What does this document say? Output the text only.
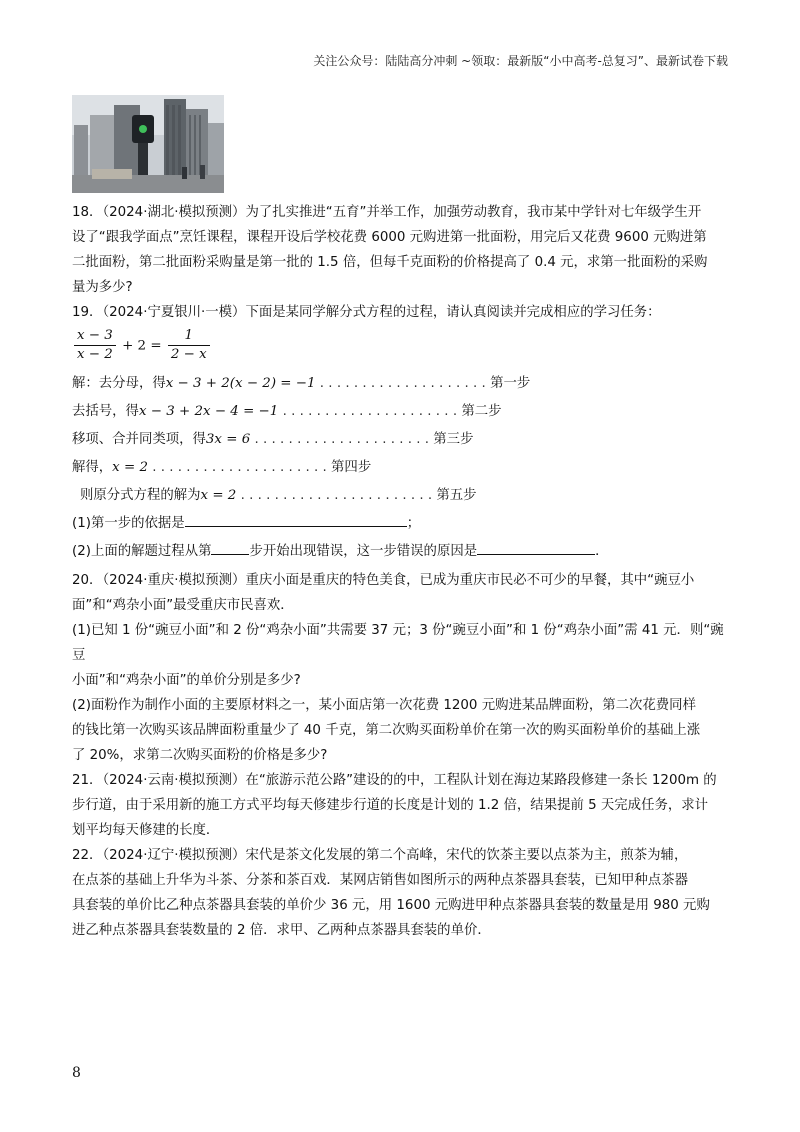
关注公众号：陆陆高分冲刺 ~领取：最新版“小中高考-总复习”、最新试卷下载

18．（2024·湖北·模拟预测）为了扎实推进“五育”并举工作，加强劳动教育，我市某中学针对七年级学生开

设了“跟我学面点”烹饪课程，课程开设后学校花费 6000 元购进第一批面粉，用完后又花费 9600 元购进第

二批面粉，第二批面粉采购量是第一批的 1.5 倍，但每千克面粉的价格提高了 0.4 元，求第一批面粉的采购

量为多少?

19．（2024·宁夏银川·一模）下面是某同学解分式方程的过程，请认真阅读并完成相应的学习任务：

$\frac{x - 3}{x - 2} + 2 = \frac{1}{2 - x}$
解：去分母，得x − 3 + 2(x − 2) = −1 . . . . . . . . . . . . . . . . . . . . 第一步
去括号，得x − 3 + 2x − 4 = −1 . . . . . . . . . . . . . . . . . . . . . 第二步
移项、合并同类项，得3x = 6 . . . . . . . . . . . . . . . . . . . . . 第三步
解得，x = 2 . . . . . . . . . . . . . . . . . . . . . 第四步
则原分式方程的解为x = 2 . . . . . . . . . . . . . . . . . . . . . . . 第五步
(1)第一步的依据是	；
(2)上面的解题过程从第	步开始出现错误，这一步错误的原因是	．

20．（2024·重庆·模拟预测）重庆小面是重庆的特色美食，已成为重庆市民必不可少的早餐，其中“豌豆小

面”和“鸡杂小面”最受重庆市民喜欢．

(1)已知 1 份“豌豆小面”和 2 份“鸡杂小面”共需要 37 元；3 份“豌豆小面”和 1 份“鸡杂小面”需 41 元．则“豌豆

小面”和“鸡杂小面”的单价分别是多少?

(2)面粉作为制作小面的主要原材料之一，某小面店第一次花费 1200 元购进某品牌面粉，第二次花费同样

的钱比第一次购买该品牌面粉重量少了 40 千克，第二次购买面粉单价在第一次的购买面粉单价的基础上涨

了 20%，求第二次购买面粉的价格是多少?

21．（2024·云南·模拟预测）在“旅游示范公路”建设的的中，工程队计划在海边某路段修建一条长 1200m 的

步行道，由于采用新的施工方式平均每天修建步行道的长度是计划的 1.2 倍，结果提前 5 天完成任务，求计

划平均每天修建的长度．

22．（2024·辽宁·模拟预测）宋代是茶文化发展的第二个高峰，宋代的饮茶主要以点茶为主，煎茶为辅，

在点茶的基础上升华为斗茶、分茶和茶百戏．某网店销售如图所示的两种点茶器具套装，已知甲种点茶器

具套装的单价比乙种点茶器具套装的单价少 36 元，用 1600 元购进甲种点茶器具套装的数量是用 980 元购

进乙种点茶器具套装数量的 2 倍．求甲、乙两种点茶器具套装的单价．

8
